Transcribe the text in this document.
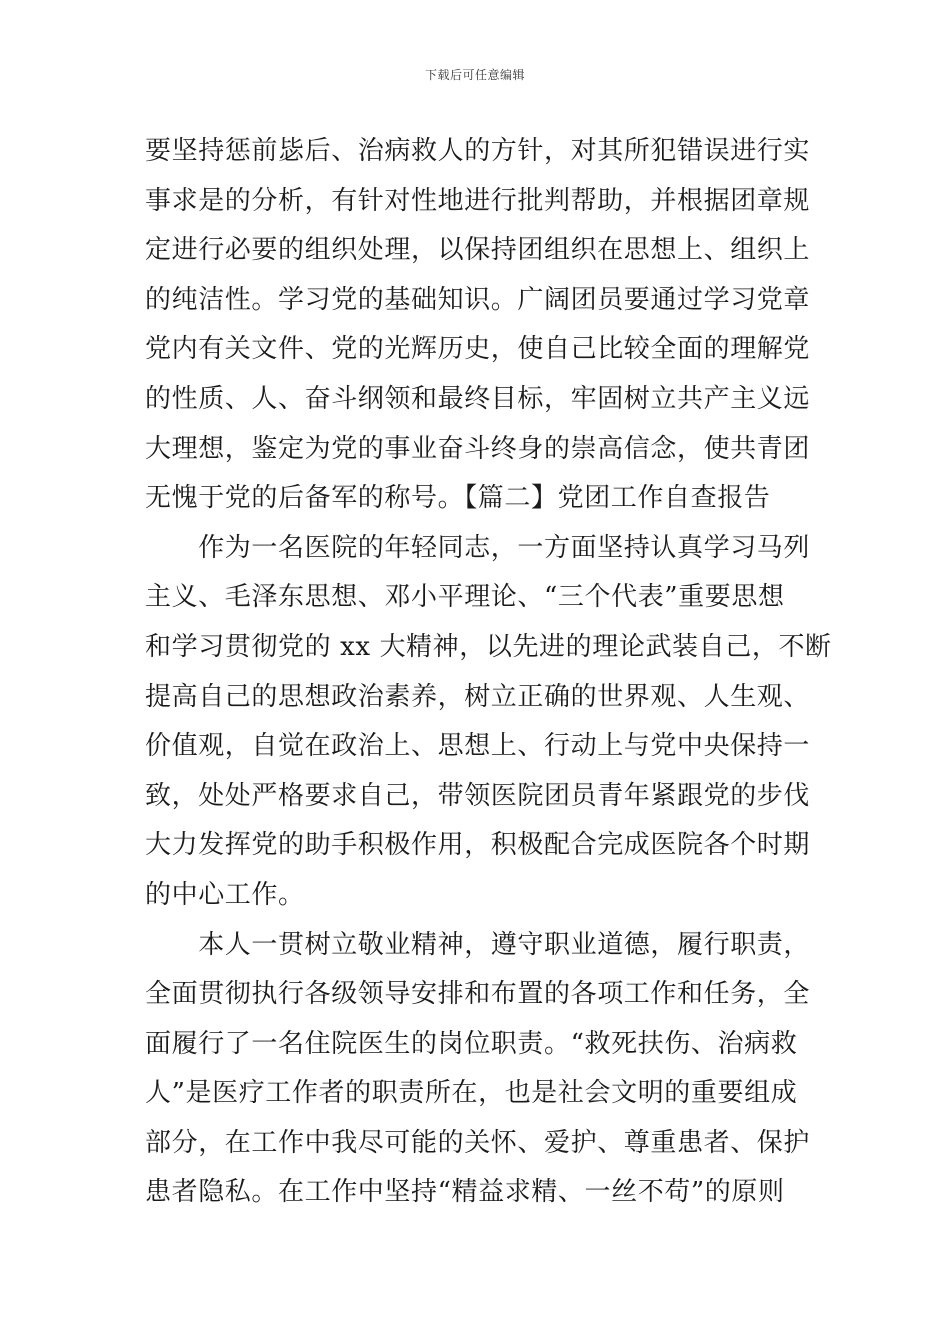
下载后可任意编辑
要坚持惩前毖后、治病救人的方针，对其所犯错误进行实
事求是的分析，有针对性地进行批判帮助，并根据团章规
定进行必要的组织处理，以保持团组织在思想上、组织上
的纯洁性。学习党的基础知识。广阔团员要通过学习党章
党内有关文件、党的光辉历史，使自己比较全面的理解党
的性质、人、奋斗纲领和最终目标，牢固树立共产主义远
大理想，鉴定为党的事业奋斗终身的崇高信念，使共青团
无愧于党的后备军的称号。【篇二】党团工作自查报告
　　作为一名医院的年轻同志，一方面坚持认真学习马列
主义、毛泽东思想、邓小平理论、“三个代表”重要思想
和学习贯彻党的 xx 大精神，以先进的理论武装自己，不断
提高自己的思想政治素养，树立正确的世界观、人生观、
价值观，自觉在政治上、思想上、行动上与党中央保持一
致，处处严格要求自己，带领医院团员青年紧跟党的步伐
大力发挥党的助手积极作用，积极配合完成医院各个时期
的中心工作。
　　本人一贯树立敬业精神，遵守职业道德，履行职责，
全面贯彻执行各级领导安排和布置的各项工作和任务，全
面履行了一名住院医生的岗位职责。“救死扶伤、治病救
人”是医疗工作者的职责所在，也是社会文明的重要组成
部分，在工作中我尽可能的关怀、爱护、尊重患者、保护
患者隐私。在工作中坚持“精益求精、一丝不苟”的原则
